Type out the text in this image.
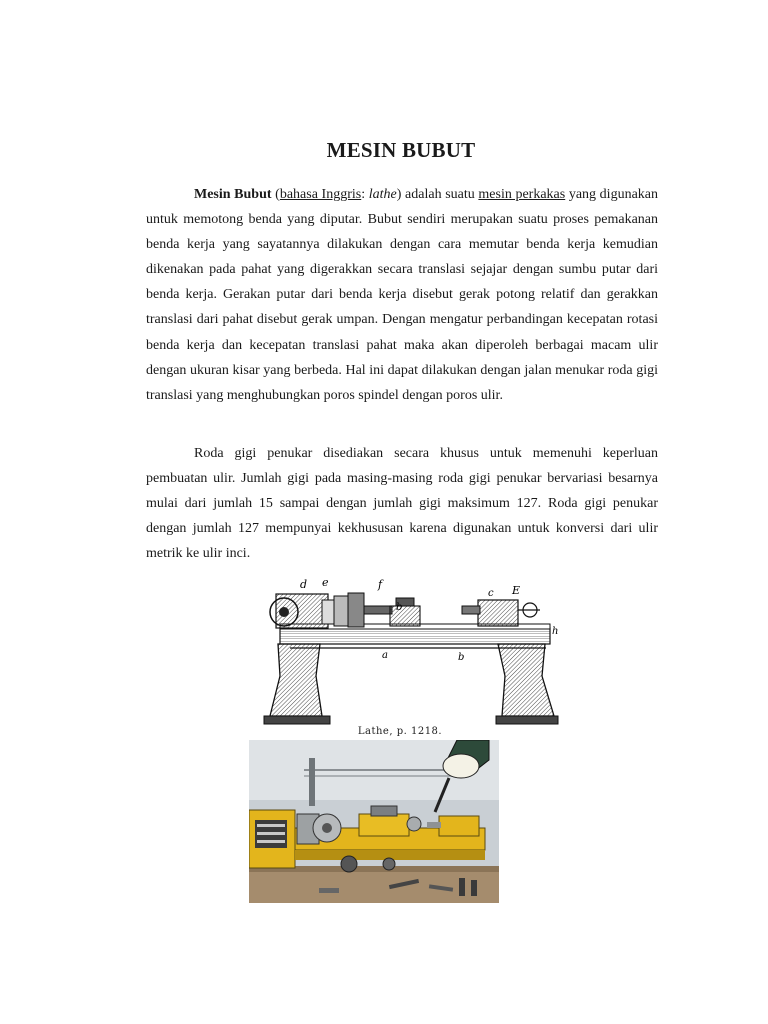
MESIN BUBUT

Mesin Bubut (bahasa Inggris: lathe) adalah suatu mesin perkakas yang digunakan untuk memotong benda yang diputar. Bubut sendiri merupakan suatu proses pemakanan benda kerja yang sayatannya dilakukan dengan cara memutar benda kerja kemudian dikenakan pada pahat yang digerakkan secara translasi sejajar dengan sumbu putar dari benda kerja. Gerakan putar dari benda kerja disebut gerak potong relatif dan gerakkan translasi dari pahat disebut gerak umpan. Dengan mengatur perbandingan kecepatan rotasi benda kerja dan kecepatan translasi pahat maka akan diperoleh berbagai macam ulir dengan ukuran kisar yang berbeda. Hal ini dapat dilakukan dengan jalan menukar roda gigi translasi yang menghubungkan poros spindel dengan poros ulir.

Roda gigi penukar disediakan secara khusus untuk memenuhi keperluan pembuatan ulir. Jumlah gigi pada masing-masing roda gigi penukar bervariasi besarnya mulai dari jumlah 15 sampai dengan jumlah gigi maksimum 127. Roda gigi penukar dengan jumlah 127 mempunyai kekhususan karena digunakan untuk konversi dari ulir metrik ke ulir inci.

d e	f
b
E
c
a	b
h
Lathe, p. 1218.
